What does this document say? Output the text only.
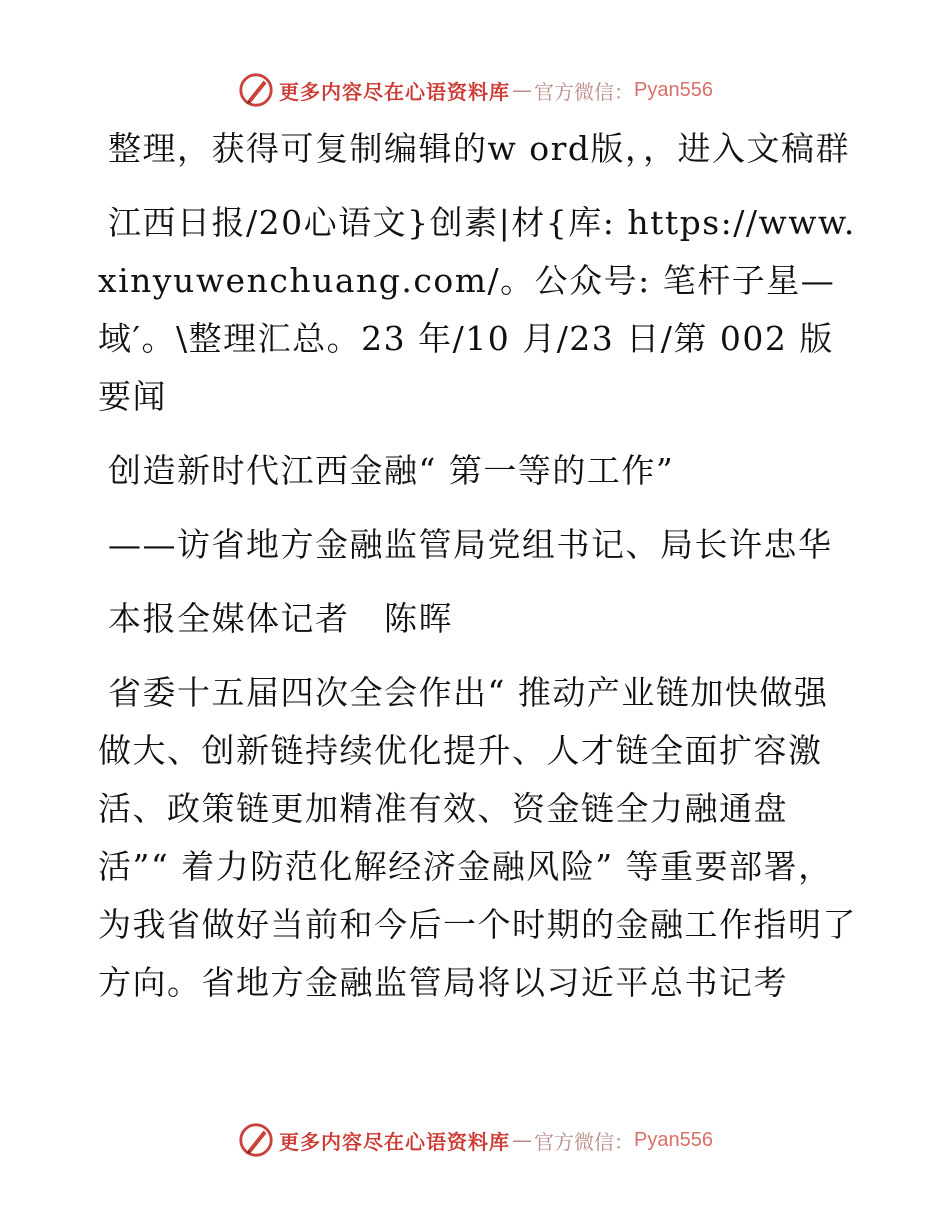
更多内容尽在心语资料库 — 官方微信： Pyan556

整理，获得可复制编辑的w ord版，，进入文稿群

江西日报/20心语文}创素|材{库: https://www.xinyuwenchuang.com/。公众号: 笔杆子星—域′。\整理汇总。23 年/10 月/23 日/第 002 版要闻

创造新时代江西金融“ 第一等的工作”

——访省地方金融监管局党组书记、局长许忠华

本报全媒体记者　陈晖

省委十五届四次全会作出“ 推动产业链加快做强做大、创新链持续优化提升、人才链全面扩容激活、政策链更加精准有效、资金链全力融通盘活”“ 着力防范化解经济金融风险” 等重要部署，为我省做好当前和今后一个时期的金融工作指明了方向。省地方金融监管局将以习近平总书记考

更多内容尽在心语资料库 — 官方微信： Pyan556
